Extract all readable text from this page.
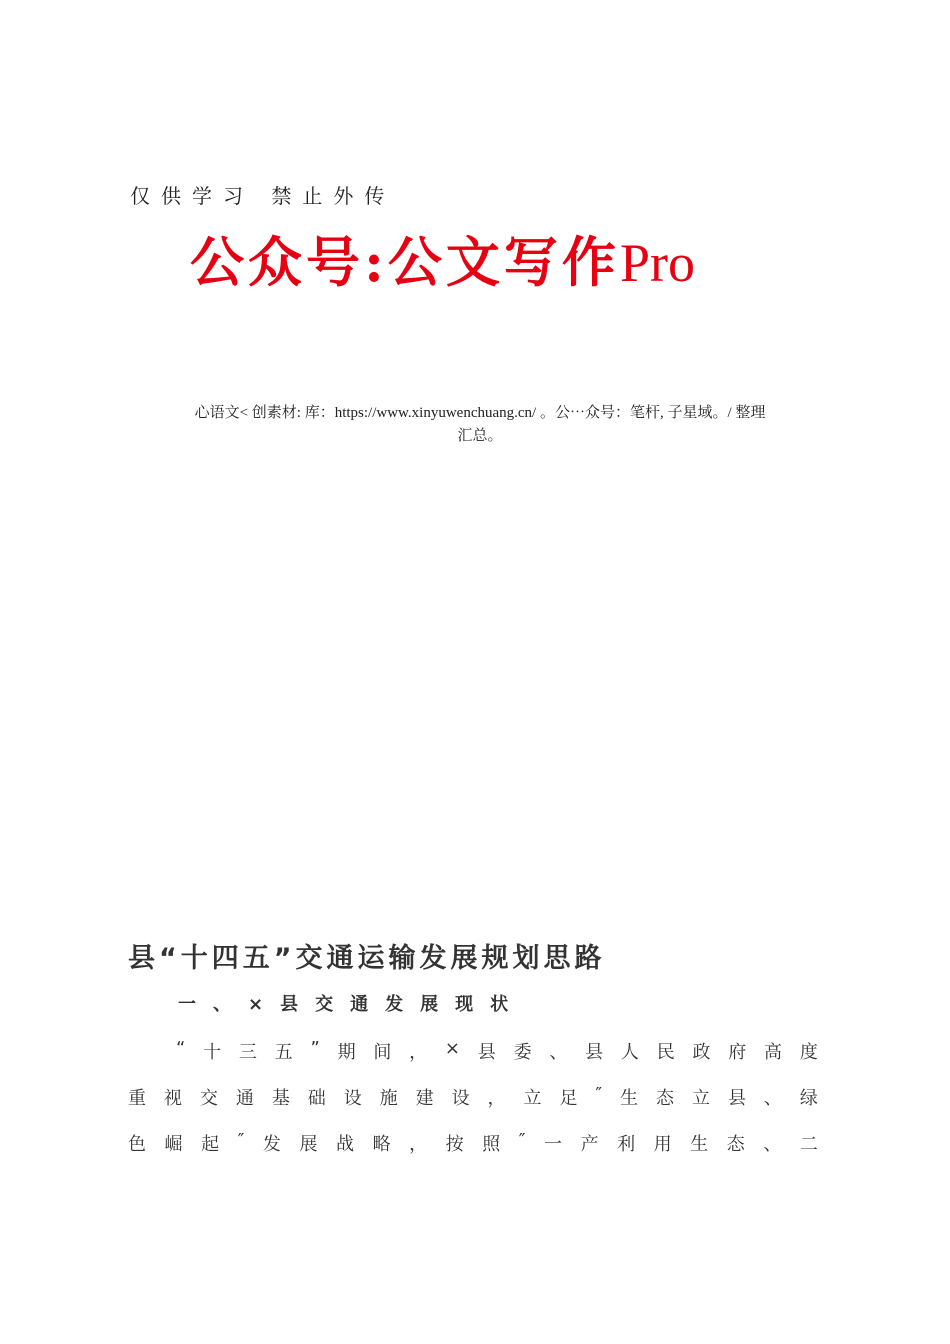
仅供学习 禁止外传
公众号:公文写作Pro
心语文< 创素材: 库：https://www.xinyuwenchuang.cn/ 。公⋯众号：笔杆, 子星域。/ 整理
汇总。
县“十四五”交通运输发展规划思路
一、×县交通发展现状
“ 十 三 五 ” 期 间 ， × 县 委 、 县 人 民 政 府 高 度
重 视 交 通 基 础 设 施 建 设 ， 立 足 ″ 生 态 立 县 、 绿
色 崛 起 ″ 发 展 战 略 ， 按 照 ″ 一 产 利 用 生 态 、 二
